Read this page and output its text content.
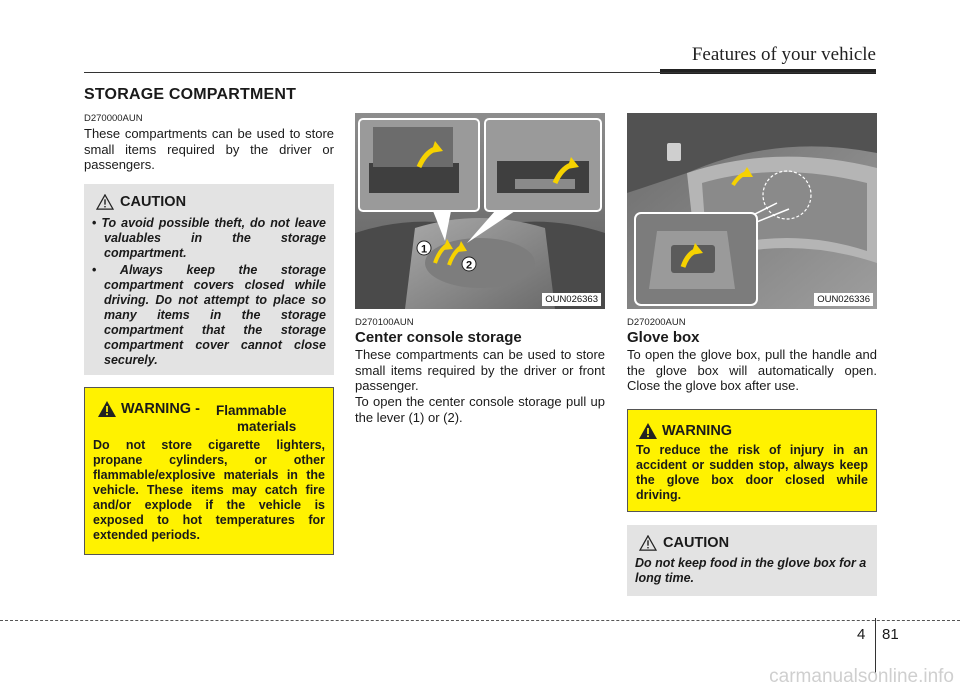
Features of your vehicle
STORAGE COMPARTMENT
D270000AUN
These compartments can be used to store small items required by the driver or passengers.
CAUTION
• To avoid possible theft, do not leave valuables in the storage compartment.
• Always keep the storage compartment covers closed while driving. Do not attempt to place so many items in the storage compartment that the storage compartment cover cannot close securely.
WARNING - Flammable
materials
Do not store cigarette lighters, propane cylinders, or other flammable/explosive materials in the vehicle. These items may catch fire and/or explode if the vehicle is exposed to hot temperatures for extended periods.
1
2
OUN026363
D270100AUN
Center console storage
These compartments can be used to store small items required by the driver or front passenger.
To open the center console storage pull up the lever (1) or (2).
OUN026336
D270200AUN
Glove box
To open the glove box, pull the handle and the glove box will automatically open. Close the glove box after use.
WARNING
To reduce the risk of injury in an accident or sudden stop, always keep the glove box door closed while driving.
CAUTION
Do not keep food in the glove box for a long time.
4 81
carmanualsonline.info
